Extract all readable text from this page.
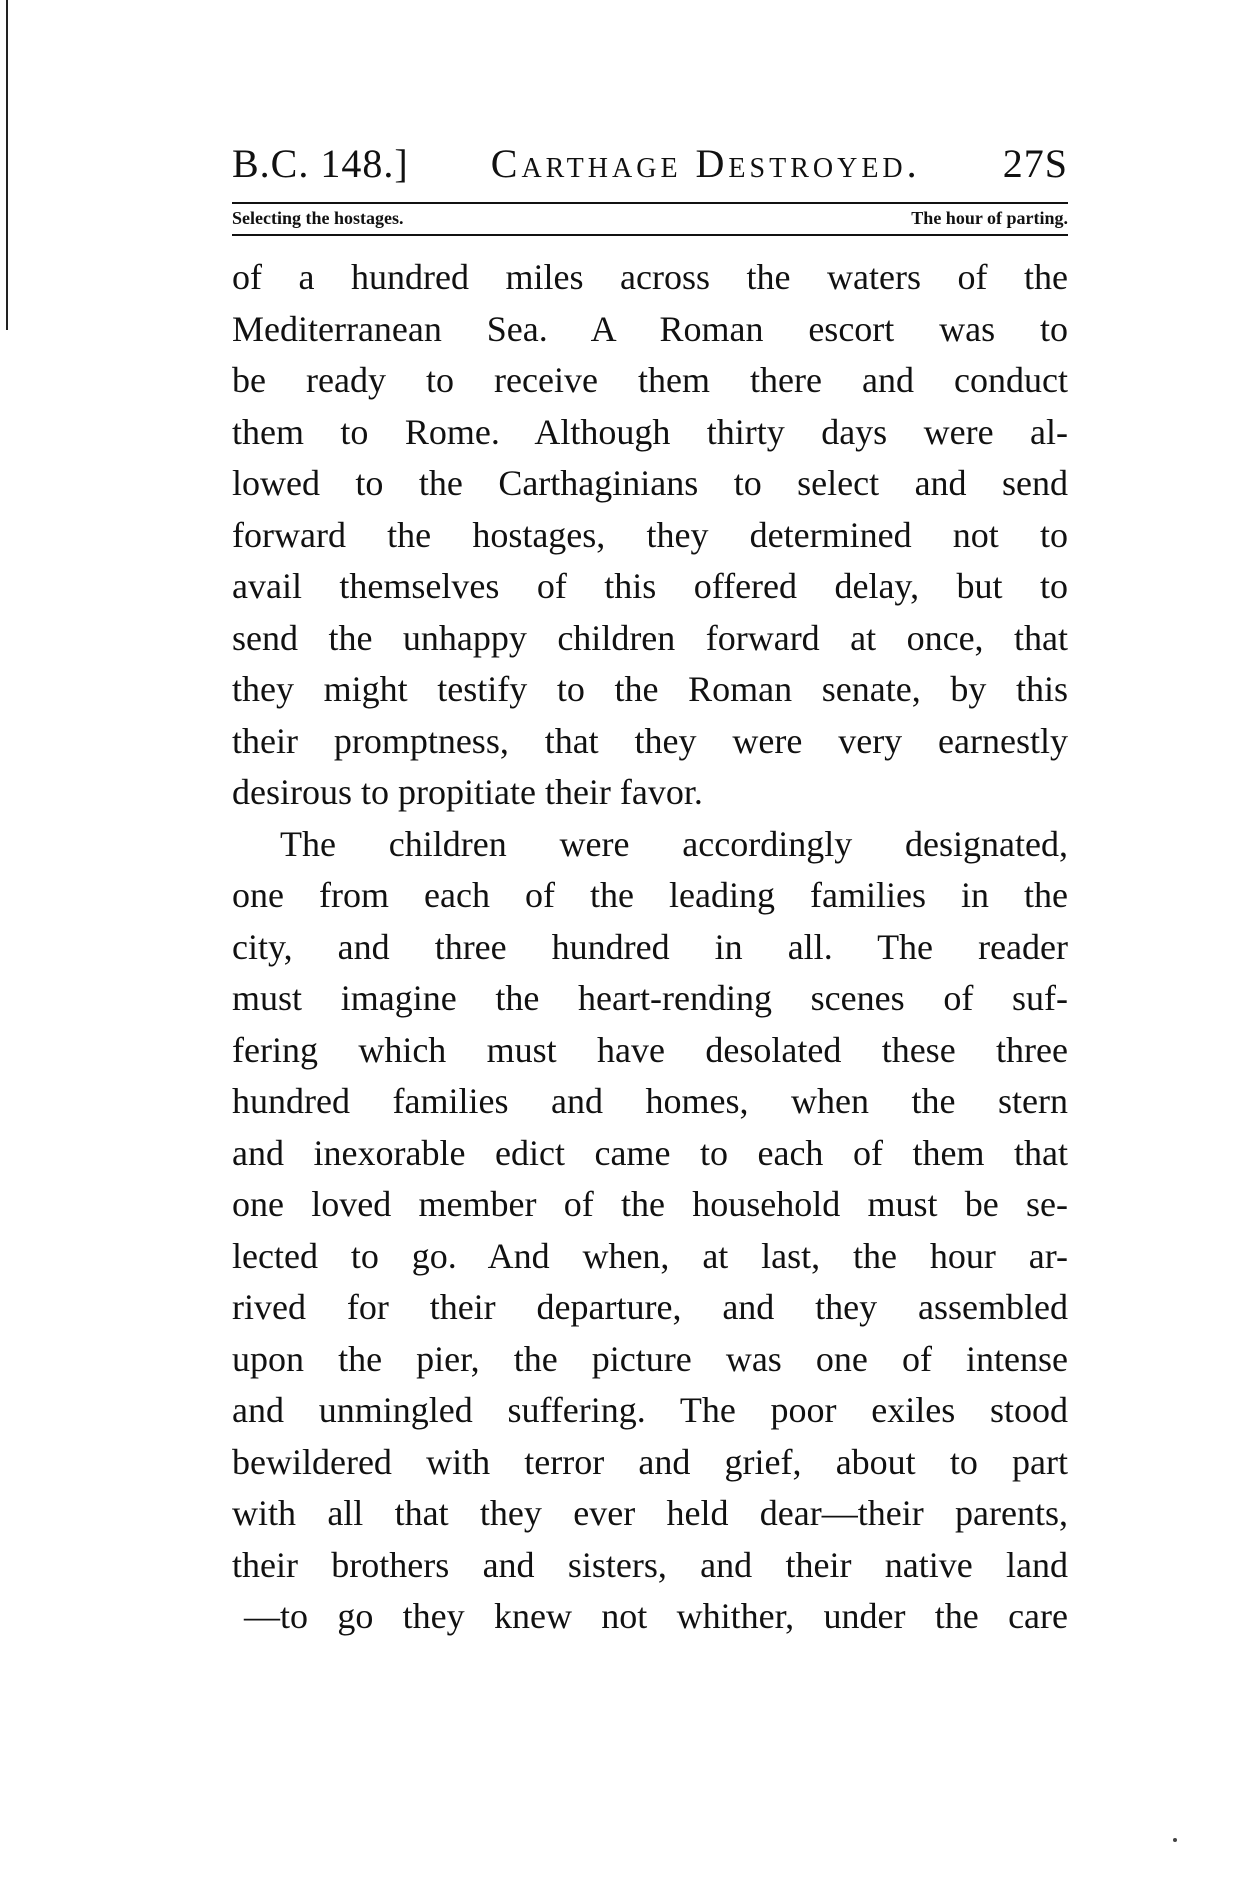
B.C. 148.] Carthage Destroyed. 27S
Selecting the hostages.	The hour of parting.
of a hundred miles across the waters of the
Mediterranean Sea. A Roman escort was to
be ready to receive them there and conduct
them to Rome. Although thirty days were al-
lowed to the Carthaginians to select and send
forward the hostages, they determined not to
avail themselves of this offered delay, but to
send the unhappy children forward at once, that
they might testify to the Roman senate, by this
their promptness, that they were very earnestly
desirous to propitiate their favor.
The children were accordingly designated,
one from each of the leading families in the
city, and three hundred in all. The reader
must imagine the heart-rending scenes of suf-
fering which must have desolated these three
hundred families and homes, when the stern
and inexorable edict came to each of them that
one loved member of the household must be se-
lected to go. And when, at last, the hour ar-
rived for their departure, and they assembled
upon the pier, the picture was one of intense
and unmingled suffering. The poor exiles stood
bewildered with terror and grief, about to part
with all that they ever held dear—their parents,
their brothers and sisters, and their native land
—to go they knew not whither, under the care
